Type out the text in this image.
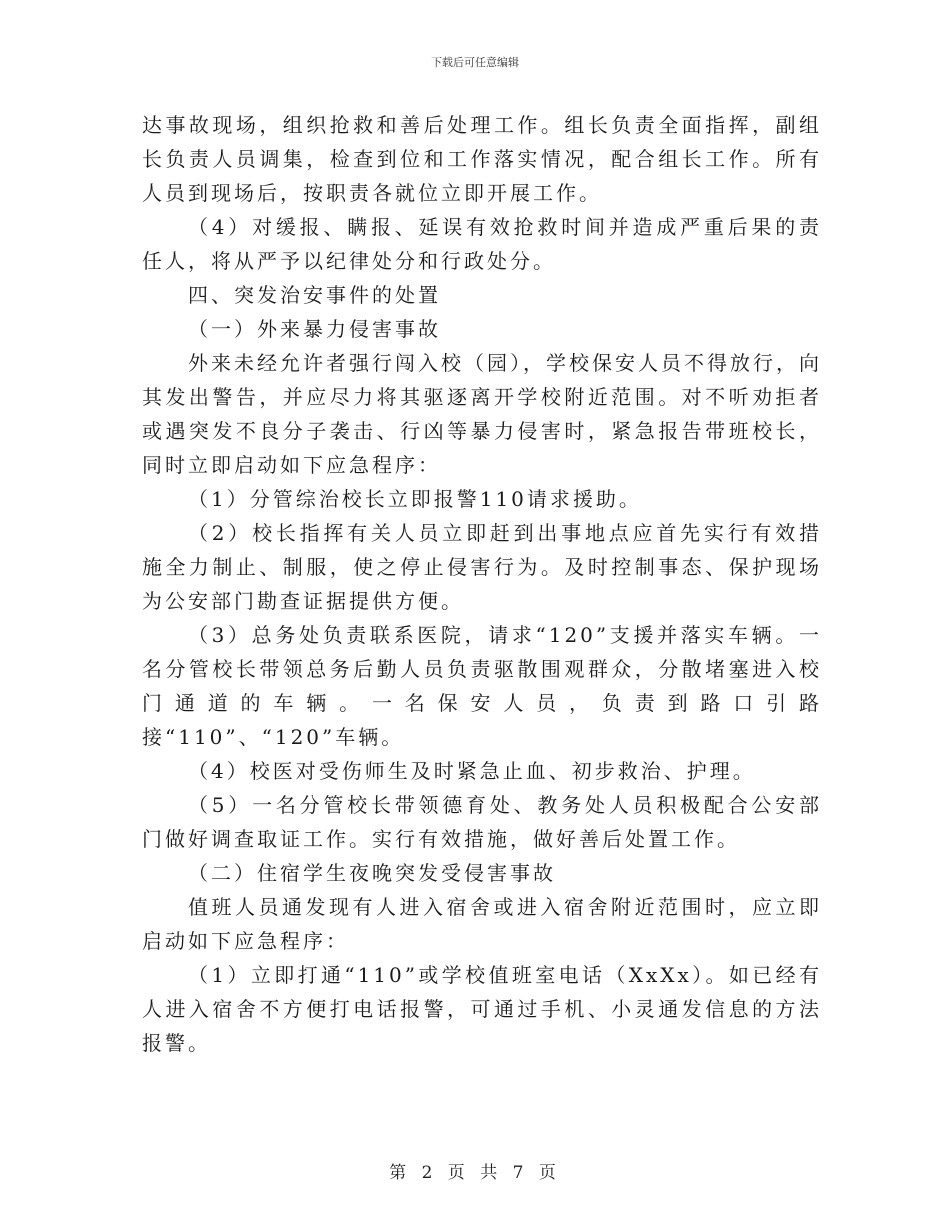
下载后可任意编辑

达事故现场，组织抢救和善后处理工作。组长负责全面指挥，副组长负责人员调集，检查到位和工作落实情况，配合组长工作。所有人员到现场后，按职责各就位立即开展工作。

（4）对缓报、瞒报、延误有效抢救时间并造成严重后果的责任人，将从严予以纪律处分和行政处分。

四、突发治安事件的处置

（一）外来暴力侵害事故

外来未经允许者强行闯入校（园），学校保安人员不得放行，向其发出警告，并应尽力将其驱逐离开学校附近范围。对不听劝拒者或遇突发不良分子袭击、行凶等暴力侵害时，紧急报告带班校长，同时立即启动如下应急程序：

（1）分管综治校长立即报警110请求援助。

（2）校长指挥有关人员立即赶到出事地点应首先实行有效措施全力制止、制服，使之停止侵害行为。及时控制事态、保护现场为公安部门勘查证据提供方便。

（3）总务处负责联系医院，请求“120”支援并落实车辆。一名分管校长带领总务后勤人员负责驱散围观群众，分散堵塞进入校门通道的车辆。一名保安人员，负责到路口引路接“110”、“120”车辆。

（4）校医对受伤师生及时紧急止血、初步救治、护理。

（5）一名分管校长带领德育处、教务处人员积极配合公安部门做好调查取证工作。实行有效措施，做好善后处置工作。

（二）住宿学生夜晚突发受侵害事故

值班人员通发现有人进入宿舍或进入宿舍附近范围时，应立即启动如下应急程序：

（1）立即打通“110”或学校值班室电话（XxXx）。如已经有人进入宿舍不方便打电话报警，可通过手机、小灵通发信息的方法报警。

第 2 页 共 7 页
